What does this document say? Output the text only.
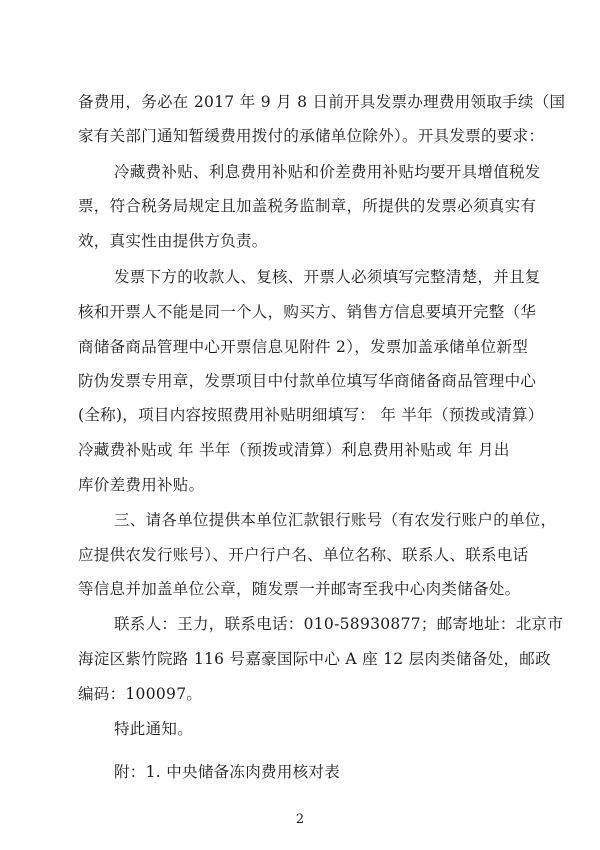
备费用，务必在 2017 年 9 月 8 日前开具发票办理费用领取手续（国
家有关部门通知暂缓费用拨付的承储单位除外）。开具发票的要求：
冷藏费补贴、利息费用补贴和价差费用补贴均要开具增值税发
票，符合税务局规定且加盖税务监制章，所提供的发票必须真实有
效，真实性由提供方负责。
发票下方的收款人、复核、开票人必须填写完整清楚，并且复
核和开票人不能是同一个人，购买方、销售方信息要填开完整（华
商储备商品管理中心开票信息见附件 2），发票加盖承储单位新型
防伪发票专用章，发票项目中付款单位填写华商储备商品管理中心
(全称)，项目内容按照费用补贴明细填写： 年 半年（预拨或清算）
冷藏费补贴或 年 半年（预拨或清算）利息费用补贴或 年 月出
库价差费用补贴。
三、请各单位提供本单位汇款银行账号（有农发行账户的单位，
应提供农发行账号）、开户行户名、单位名称、联系人、联系电话
等信息并加盖单位公章，随发票一并邮寄至我中心肉类储备处。
联系人：王力，联系电话：010-58930877；邮寄地址：北京市
海淀区紫竹院路 116 号嘉豪国际中心 A 座 12 层肉类储备处，邮政
编码：100097。
特此通知。
附：1. 中央储备冻肉费用核对表
2
